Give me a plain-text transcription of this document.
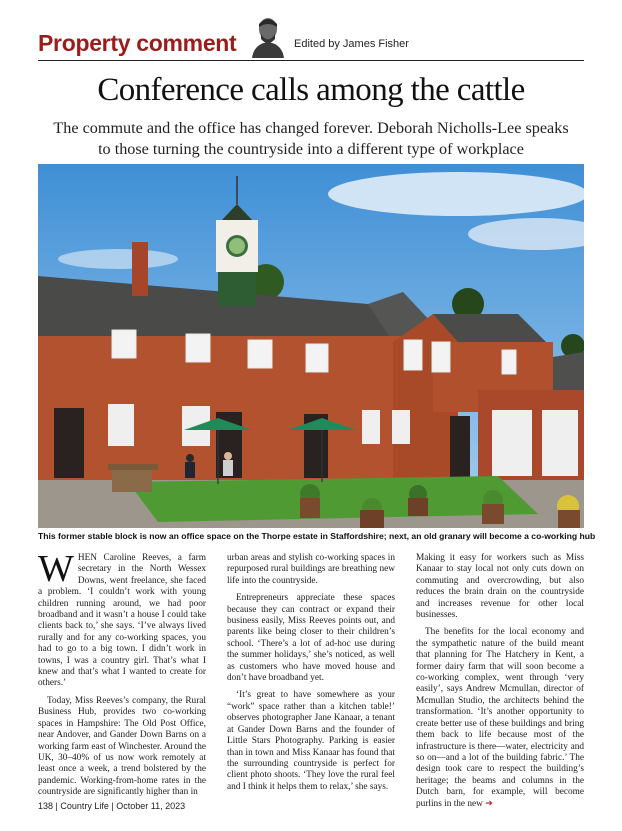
Property comment	Edited by James Fisher
Conference calls among the cattle
The commute and the office has changed forever. Deborah Nicholls-Lee speaks to those turning the countryside into a different type of workplace
This former stable block is now an office space on the Thorpe estate in Staffordshire; next, an old granary will become a co-working hub

WHEN Caroline Reeves, a farm secretary in the North Wessex Downs, went freelance, she faced a problem. ‘I couldn’t work with young children running around, we had poor broadband and it wasn’t a house I could take clients back to,’ she says. ‘I’ve always lived rurally and for any co-working spaces, you had to go to a big town. I didn’t work in towns, I was a country girl. That’s what I knew and that’s what I wanted to create for others.’

Today, Miss Reeves’s company, the Rural Business Hub, provides two co-working spaces in Hampshire: The Old Post Office, near Andover, and Gander Down Barns on a working farm east of Winchester. Around the UK, 30–40% of us now work remotely at least once a week, a trend bolstered by the pandemic. Working-from-home rates in the countryside are significantly higher than in

urban areas and stylish co-working spaces in repurposed rural buildings are breathing new life into the countryside.

Entrepreneurs appreciate these spaces because they can contract or expand their business easily, Miss Reeves points out, and parents like being closer to their children’s school. ‘There’s a lot of ad-hoc use during the summer holidays,’ she’s noticed, as well as customers who have moved house and don’t have broadband yet.

‘It’s great to have somewhere as your “work” space rather than a kitchen table!’ observes photographer Jane Kanaar, a tenant at Gander Down Barns and the founder of Little Stars Photography. Parking is easier than in town and Miss Kanaar has found that the surrounding countryside is perfect for client photo shoots. ‘They love the rural feel and I think it helps them to relax,’ she says.

Making it easy for workers such as Miss Kanaar to stay local not only cuts down on commuting and overcrowding, but also reduces the brain drain on the countryside and increases revenue for other local businesses.

The benefits for the local economy and the sympathetic nature of the build meant that planning for The Hatchery in Kent, a former dairy farm that will soon become a co-working complex, went through ‘very easily’, says Andrew Mcmullan, director of Mcmullan Studio, the architects behind the transformation. ‘It’s another opportunity to create better use of these buildings and bring them back to life because most of the infrastructure is there—water, electricity and so on—and a lot of the building fabric.’ The design took care to respect the building’s heritage; the beams and columns in the Dutch barn, for example, will become purlins in the new ➔

138 | Country Life | October 11, 2023
